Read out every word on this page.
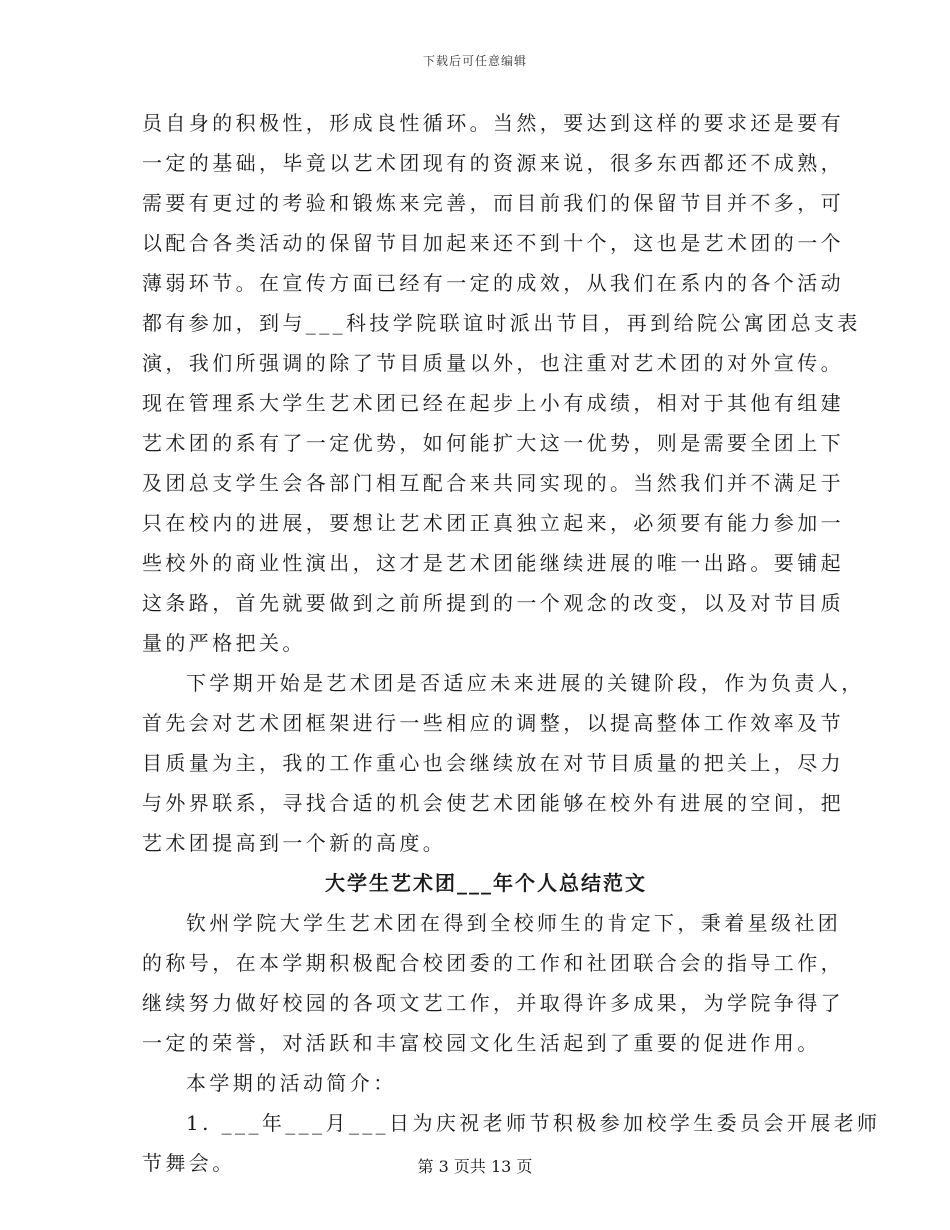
下载后可任意编辑
员自身的积极性，形成良性循环。当然，要达到这样的要求还是要有
一定的基础，毕竟以艺术团现有的资源来说，很多东西都还不成熟，
需要有更过的考验和锻炼来完善，而目前我们的保留节目并不多，可
以配合各类活动的保留节目加起来还不到十个，这也是艺术团的一个
薄弱环节。在宣传方面已经有一定的成效，从我们在系内的各个活动
都有参加，到与___科技学院联谊时派出节目，再到给院公寓团总支表
演，我们所强调的除了节目质量以外，也注重对艺术团的对外宣传。
现在管理系大学生艺术团已经在起步上小有成绩，相对于其他有组建
艺术团的系有了一定优势，如何能扩大这一优势，则是需要全团上下
及团总支学生会各部门相互配合来共同实现的。当然我们并不满足于
只在校内的进展，要想让艺术团正真独立起来，必须要有能力参加一
些校外的商业性演出，这才是艺术团能继续进展的唯一出路。要铺起
这条路，首先就要做到之前所提到的一个观念的改变，以及对节目质
量的严格把关。
下学期开始是艺术团是否适应未来进展的关键阶段，作为负责人，
首先会对艺术团框架进行一些相应的调整，以提高整体工作效率及节
目质量为主，我的工作重心也会继续放在对节目质量的把关上，尽力
与外界联系，寻找合适的机会使艺术团能够在校外有进展的空间，把
艺术团提高到一个新的高度。
大学生艺术团___年个人总结范文
钦州学院大学生艺术团在得到全校师生的肯定下，秉着星级社团
的称号，在本学期积极配合校团委的工作和社团联合会的指导工作，
继续努力做好校园的各项文艺工作，并取得许多成果，为学院争得了
一定的荣誉，对活跃和丰富校园文化生活起到了重要的促进作用。
本学期的活动简介：
1. ___年___月___日为庆祝老师节积极参加校学生委员会开展老师
节舞会。	第 3 页共 13 页
